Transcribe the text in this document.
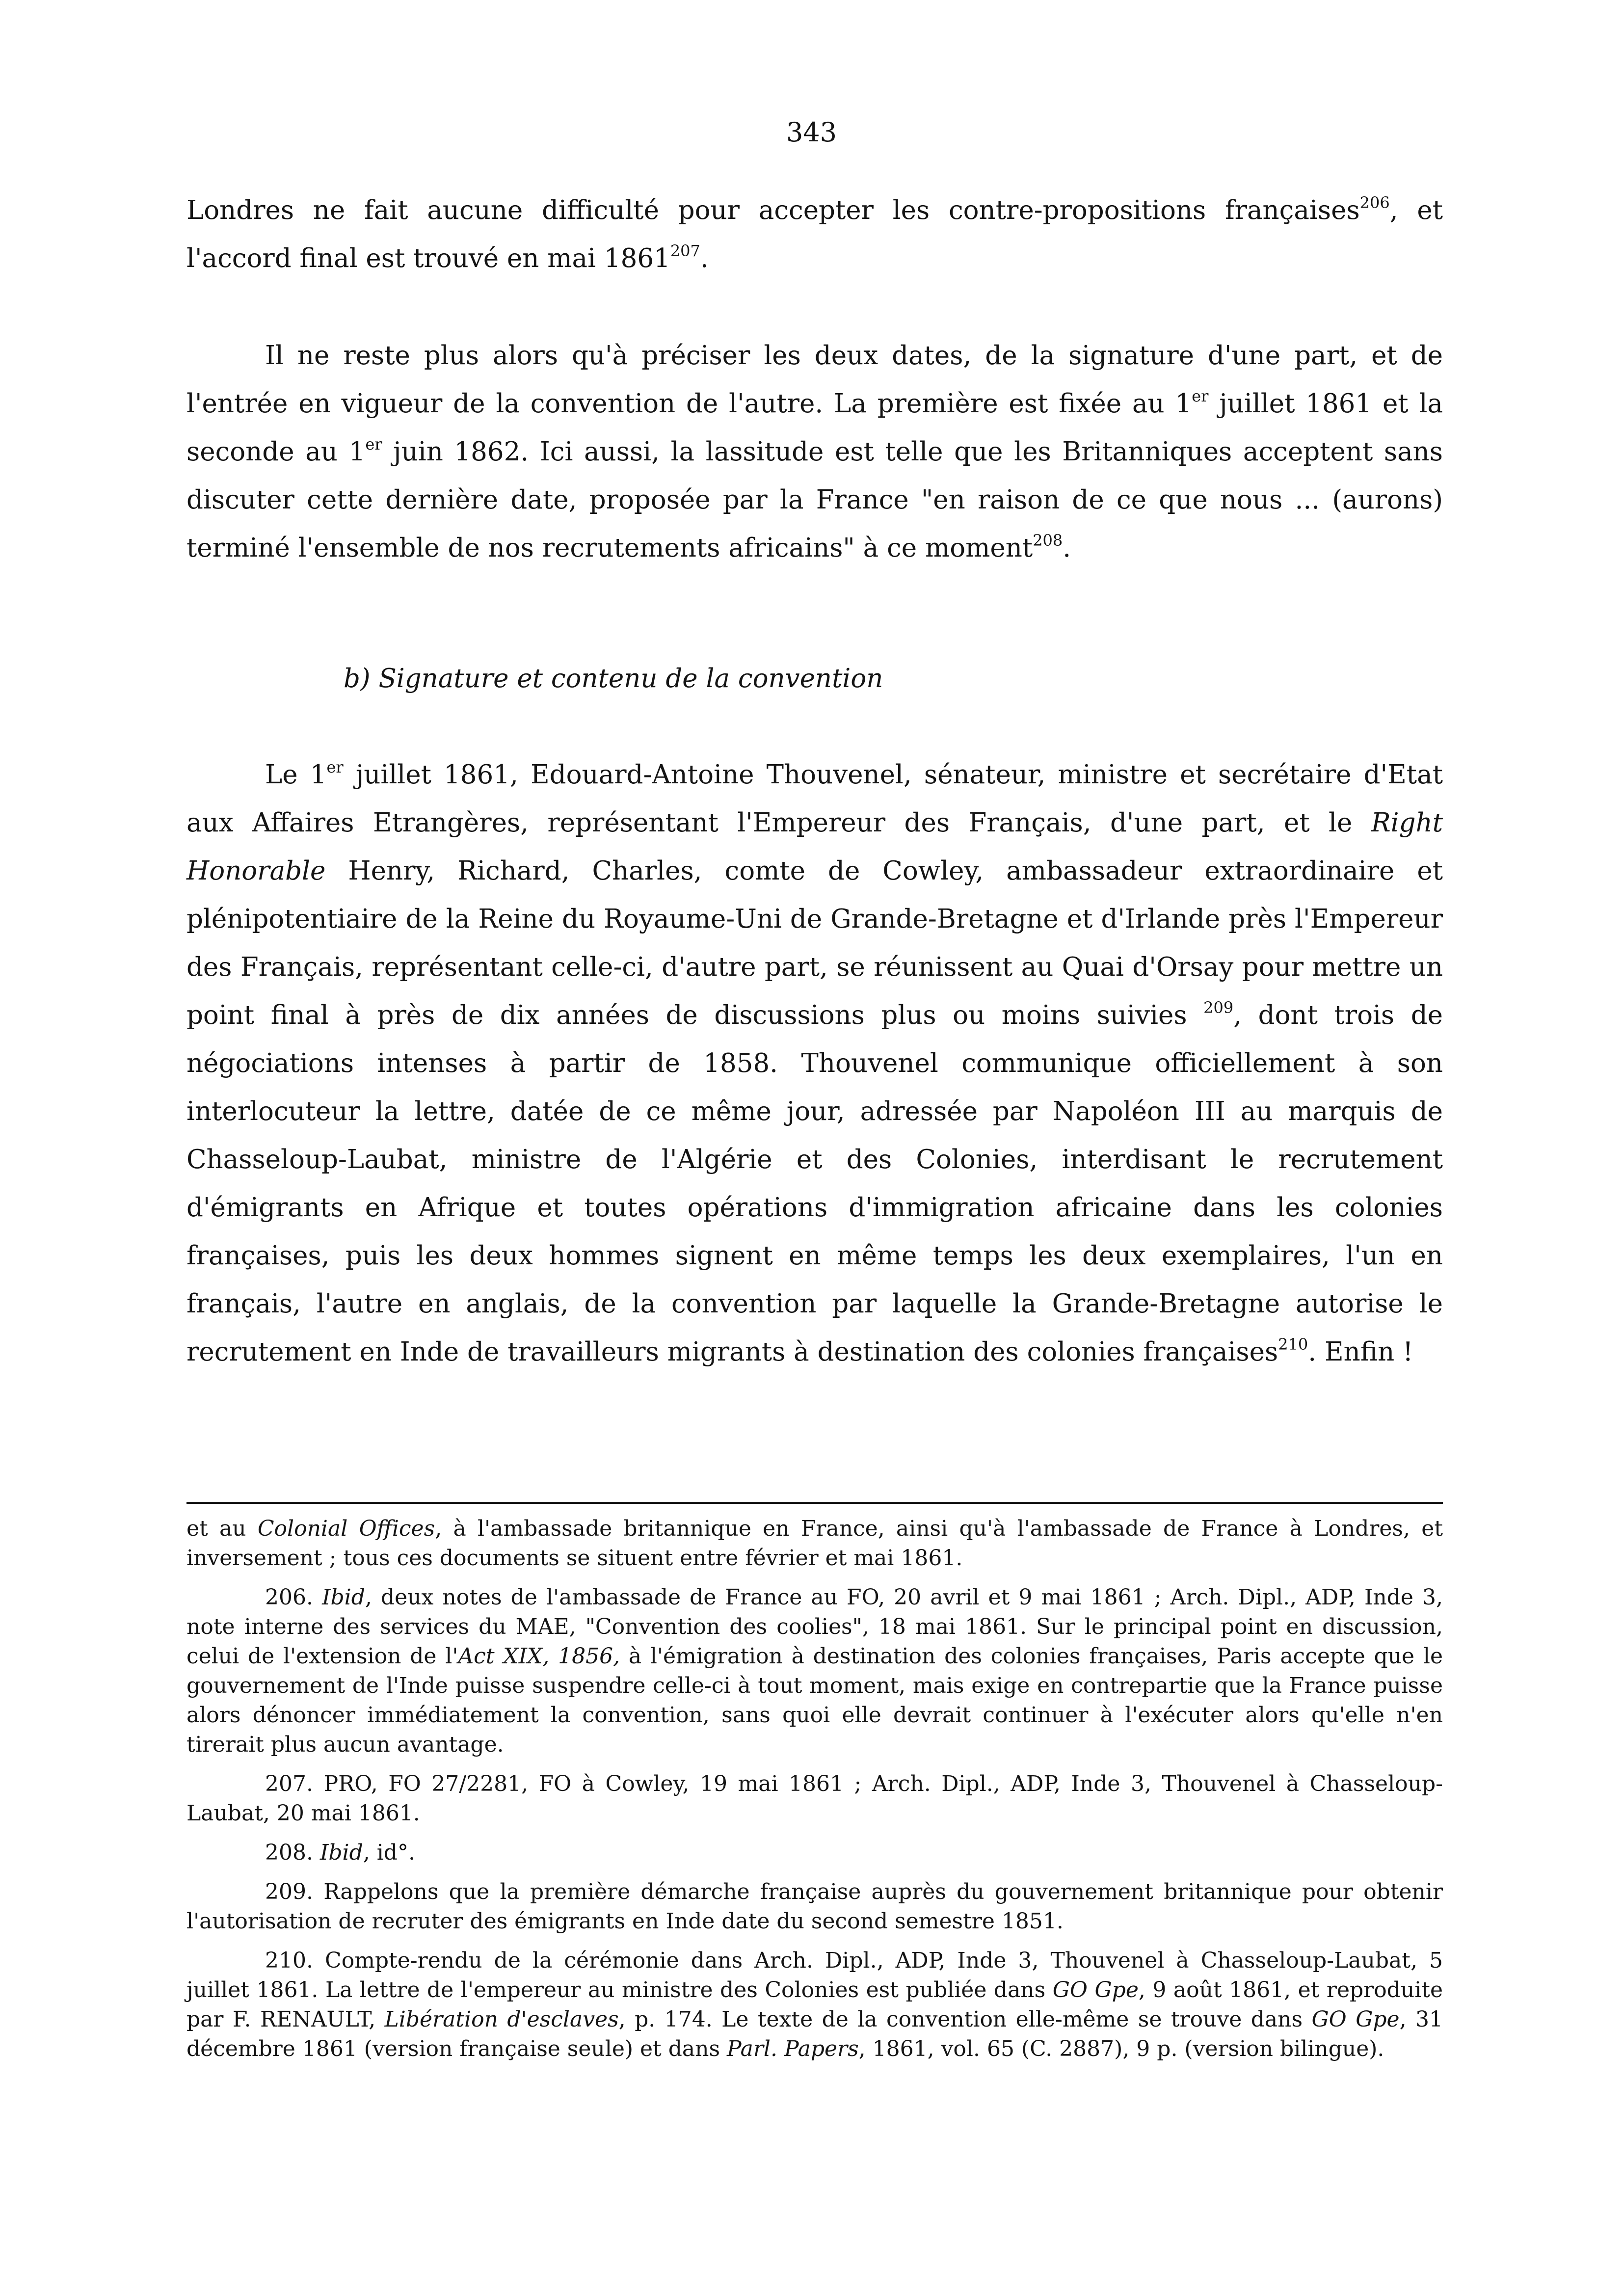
343

Londres ne fait aucune difficulté pour accepter les contre-propositions françaises$^{206}$, et l'accord final est trouvé en mai 1861$^{207}$.

Il ne reste plus alors qu'à préciser les deux dates, de la signature d'une part, et de l'entrée en vigueur de la convention de l'autre. La première est fixée au 1er juillet 1861 et la seconde au 1er juin 1862. Ici aussi, la lassitude est telle que les Britanniques acceptent sans discuter cette dernière date, proposée par la France "en raison de ce que nous ... (aurons) terminé l'ensemble de nos recrutements africains" à ce moment$^{208}$.

b) Signature et contenu de la convention

Le 1er juillet 1861, Edouard-Antoine Thouvenel, sénateur, ministre et secrétaire d'Etat aux Affaires Etrangères, représentant l'Empereur des Français, d'une part, et le Right Honorable Henry, Richard, Charles, comte de Cowley, ambassadeur extraordinaire et plénipotentiaire de la Reine du Royaume-Uni de Grande-Bretagne et d'Irlande près l'Empereur des Français, représentant celle-ci, d'autre part, se réunissent au Quai d'Orsay pour mettre un point final à près de dix années de discussions plus ou moins suivies $^{209}$, dont trois de négociations intenses à partir de 1858. Thouvenel communique officiellement à son interlocuteur la lettre, datée de ce même jour, adressée par Napoléon III au marquis de Chasseloup-Laubat, ministre de l'Algérie et des Colonies, interdisant le recrutement d'émigrants en Afrique et toutes opérations d'immigration africaine dans les colonies françaises, puis les deux hommes signent en même temps les deux exemplaires, l'un en français, l'autre en anglais, de la convention par laquelle la Grande-Bretagne autorise le recrutement en Inde de travailleurs migrants à destination des colonies françaises$^{210}$. Enfin !

et au Colonial Offices, à l'ambassade britannique en France, ainsi qu'à l'ambassade de France à Londres, et inversement ; tous ces documents se situent entre février et mai 1861.

206. Ibid, deux notes de l'ambassade de France au FO, 20 avril et 9 mai 1861 ; Arch. Dipl., ADP, Inde 3, note interne des services du MAE, "Convention des coolies", 18 mai 1861. Sur le principal point en discussion, celui de l'extension de l'Act XIX, 1856, à l'émigration à destination des colonies françaises, Paris accepte que le gouvernement de l'Inde puisse suspendre celle-ci à tout moment, mais exige en contrepartie que la France puisse alors dénoncer immédiatement la convention, sans quoi elle devrait continuer à l'exécuter alors qu'elle n'en tirerait plus aucun avantage.

207. PRO, FO 27/2281, FO à Cowley, 19 mai 1861 ; Arch. Dipl., ADP, Inde 3, Thouvenel à Chasseloup-Laubat, 20 mai 1861.

208. Ibid, id°.

209. Rappelons que la première démarche française auprès du gouvernement britannique pour obtenir l'autorisation de recruter des émigrants en Inde date du second semestre 1851.

210. Compte-rendu de la cérémonie dans Arch. Dipl., ADP, Inde 3, Thouvenel à Chasseloup-Laubat, 5 juillet 1861. La lettre de l'empereur au ministre des Colonies est publiée dans GO Gpe, 9 août 1861, et reproduite par F. RENAULT, Libération d'esclaves, p. 174. Le texte de la convention elle-même se trouve dans GO Gpe, 31 décembre 1861 (version française seule) et dans Parl. Papers, 1861, vol. 65 (C. 2887), 9 p. (version bilingue).
